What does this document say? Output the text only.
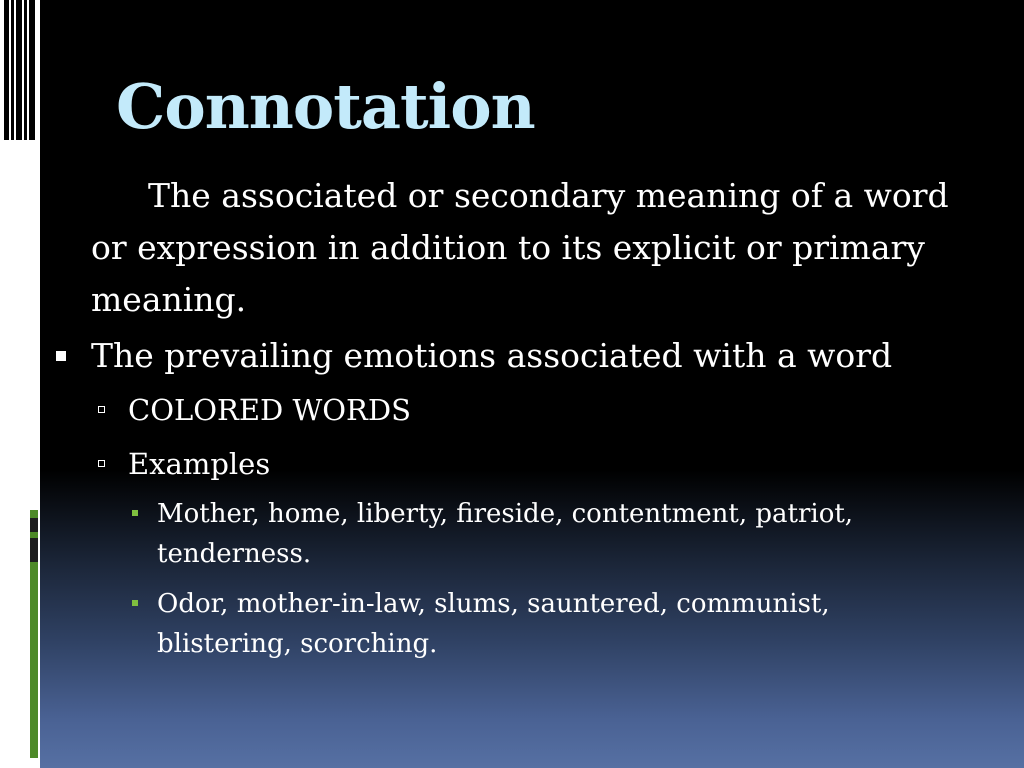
Connotation

The associated or secondary meaning of a word or expression in addition to its explicit or primary meaning.

The prevailing emotions associated with a word
COLORED WORDS
Examples
Mother, home, liberty, fireside, contentment, patriot, tenderness.
Odor, mother-in-law, slums, sauntered, communist, blistering, scorching.
